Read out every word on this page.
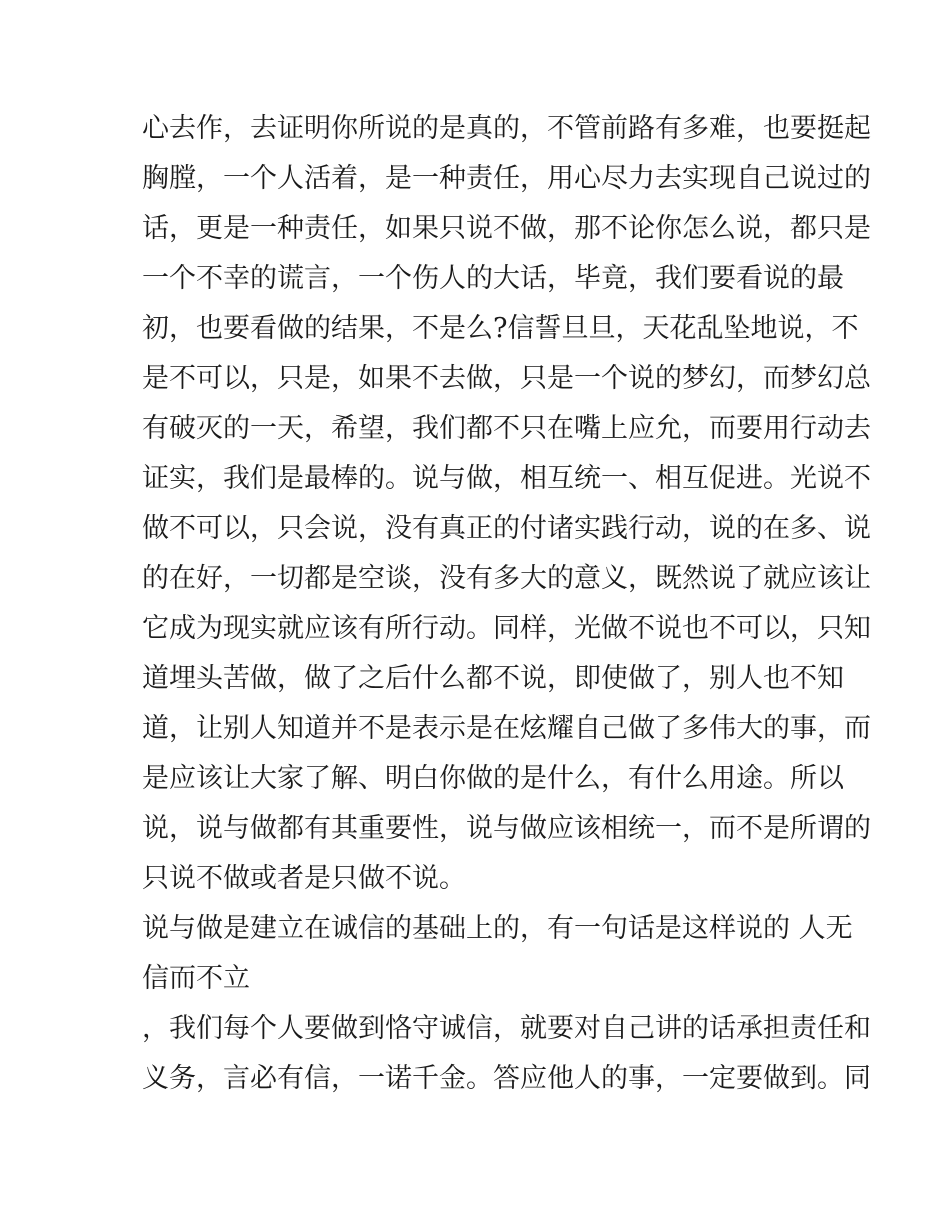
心去作，去证明你所说的是真的，不管前路有多难，也要挺起
胸膛，一个人活着，是一种责任，用心尽力去实现自己说过的
话，更是一种责任，如果只说不做，那不论你怎么说，都只是
一个不幸的谎言，一个伤人的大话，毕竟，我们要看说的最
初，也要看做的结果，不是么?信誓旦旦，天花乱坠地说，不
是不可以，只是，如果不去做，只是一个说的梦幻，而梦幻总
有破灭的一天，希望，我们都不只在嘴上应允，而要用行动去
证实，我们是最棒的。说与做，相互统一、相互促进。光说不
做不可以，只会说，没有真正的付诸实践行动，说的在多、说
的在好，一切都是空谈，没有多大的意义，既然说了就应该让
它成为现实就应该有所行动。同样，光做不说也不可以，只知
道埋头苦做，做了之后什么都不说，即使做了，别人也不知
道，让别人知道并不是表示是在炫耀自己做了多伟大的事，而
是应该让大家了解、明白你做的是什么，有什么用途。所以
说，说与做都有其重要性，说与做应该相统一，而不是所谓的
只说不做或者是只做不说。
说与做是建立在诚信的基础上的，有一句话是这样说的 人无
信而不立
，我们每个人要做到恪守诚信，就要对自己讲的话承担责任和
义务，言必有信，一诺千金。答应他人的事，一定要做到。同
